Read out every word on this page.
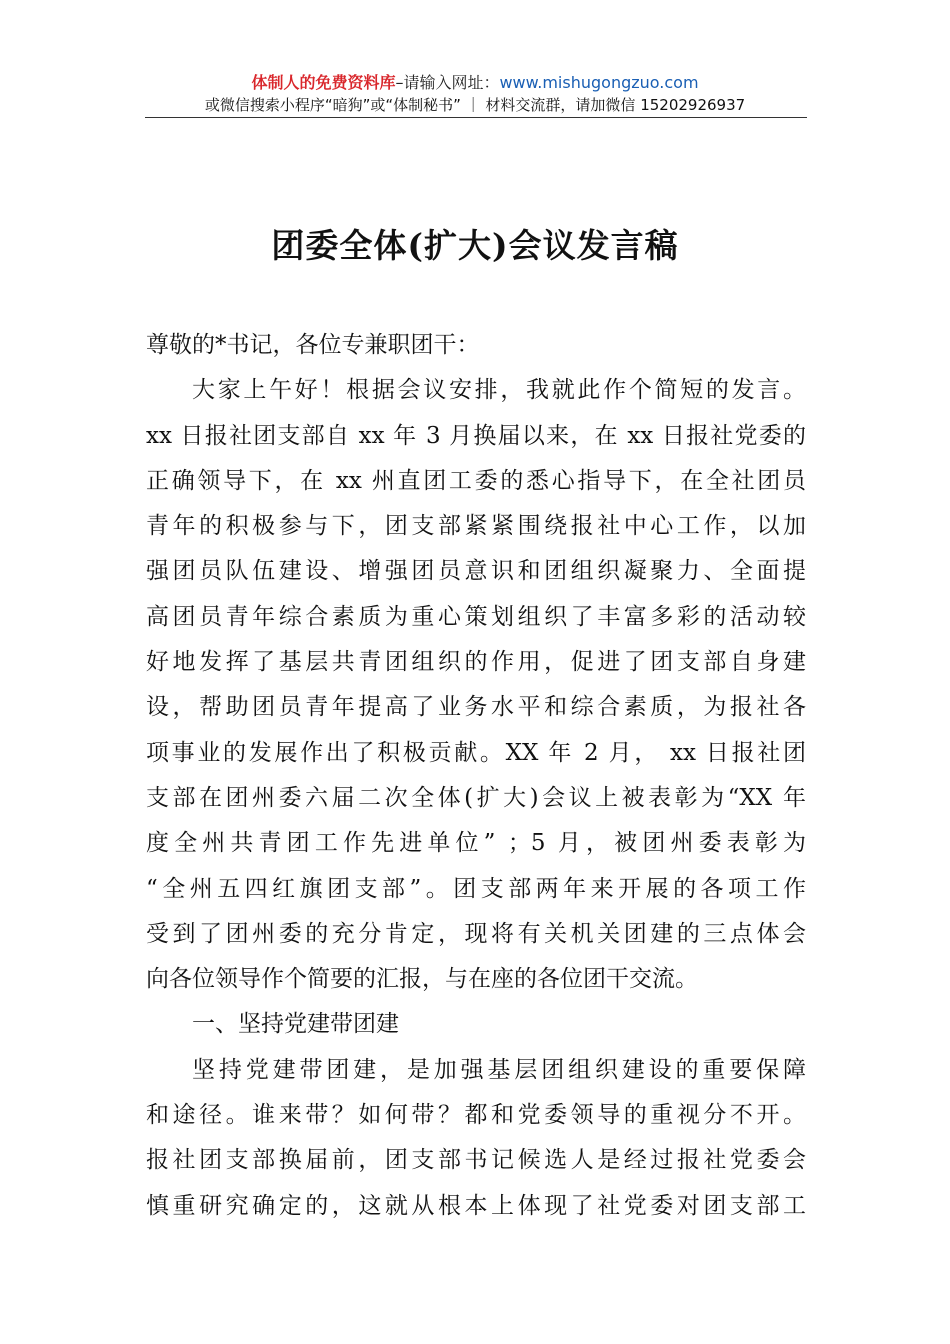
体制人的免费资料库–请输入网址：www.mishugongzuo.com
或微信搜索小程序“暗狗”或“体制秘书” ｜ 材料交流群，请加微信 15202926937
团委全体(扩大)会议发言稿
尊敬的*书记，各位专兼职团干：
大家上午好！根据会议安排，我就此作个简短的发言。
xx 日报社团支部自 xx 年 3 月换届以来，在 xx 日报社党委的
正确领导下，在 xx 州直团工委的悉心指导下，在全社团员
青年的积极参与下，团支部紧紧围绕报社中心工作，以加
强团员队伍建设、增强团员意识和团组织凝聚力、全面提
高团员青年综合素质为重心策划组织了丰富多彩的活动较
好地发挥了基层共青团组织的作用，促进了团支部自身建
设，帮助团员青年提高了业务水平和综合素质，为报社各
项事业的发展作出了积极贡献。XX 年 2 月， xx 日报社团
支部在团州委六届二次全体(扩大)会议上被表彰为“XX 年
度全州共青团工作先进单位” ；5 月，被团州委表彰为
“全州五四红旗团支部”。团支部两年来开展的各项工作
受到了团州委的充分肯定，现将有关机关团建的三点体会
向各位领导作个简要的汇报，与在座的各位团干交流。
一、坚持党建带团建
坚持党建带团建，是加强基层团组织建设的重要保障
和途径。谁来带？如何带？都和党委领导的重视分不开。
报社团支部换届前，团支部书记候选人是经过报社党委会
慎重研究确定的，这就从根本上体现了社党委对团支部工
